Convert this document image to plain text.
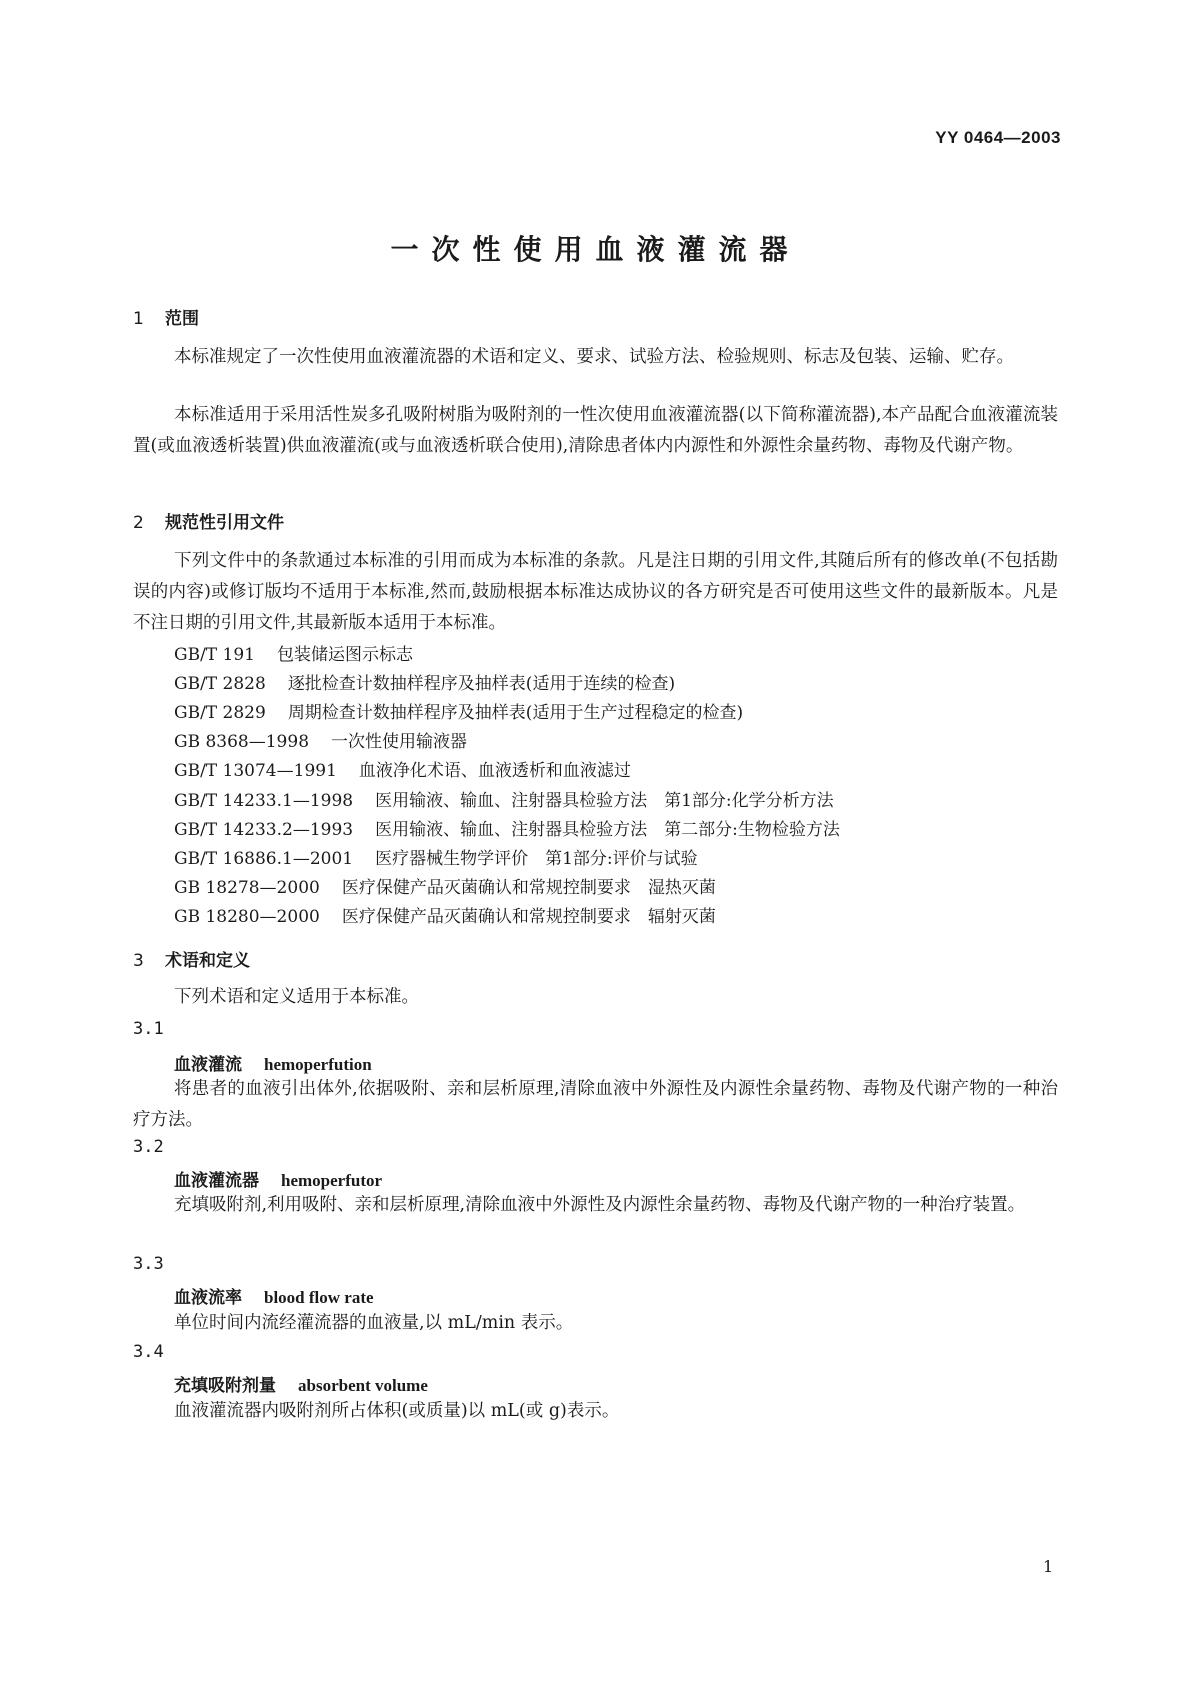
YY 0464—2003
一次性使用血液灌流器
1 范围
本标准规定了一次性使用血液灌流器的术语和定义、要求、试验方法、检验规则、标志及包装、运输、贮存。
本标准适用于采用活性炭多孔吸附树脂为吸附剂的一性次使用血液灌流器(以下简称灌流器),本产品配合血液灌流装置(或血液透析装置)供血液灌流(或与血液透析联合使用),清除患者体内内源性和外源性余量药物、毒物及代谢产物。
2 规范性引用文件
下列文件中的条款通过本标准的引用而成为本标准的条款。凡是注日期的引用文件,其随后所有的修改单(不包括勘误的内容)或修订版均不适用于本标准,然而,鼓励根据本标准达成协议的各方研究是否可使用这些文件的最新版本。凡是不注日期的引用文件,其最新版本适用于本标准。
GB/T 191 包装储运图示标志
GB/T 2828 逐批检查计数抽样程序及抽样表(适用于连续的检查)
GB/T 2829 周期检查计数抽样程序及抽样表(适用于生产过程稳定的检查)
GB 8368—1998 一次性使用输液器
GB/T 13074—1991 血液净化术语、血液透析和血液滤过
GB/T 14233.1—1998 医用输液、输血、注射器具检验方法　第1部分:化学分析方法
GB/T 14233.2—1993 医用输液、输血、注射器具检验方法　第二部分:生物检验方法
GB/T 16886.1—2001 医疗器械生物学评价　第1部分:评价与试验
GB 18278—2000 医疗保健产品灭菌确认和常规控制要求　湿热灭菌
GB 18280—2000 医疗保健产品灭菌确认和常规控制要求　辐射灭菌
3 术语和定义
下列术语和定义适用于本标准。
3.1
血液灌流 hemoperfution
将患者的血液引出体外,依据吸附、亲和层析原理,清除血液中外源性及内源性余量药物、毒物及代谢产物的一种治疗方法。
3.2
血液灌流器 hemoperfutor
充填吸附剂,利用吸附、亲和层析原理,清除血液中外源性及内源性余量药物、毒物及代谢产物的一种治疗装置。
3.3
血液流率 blood flow rate
单位时间内流经灌流器的血液量,以 mL/min 表示。
3.4
充填吸附剂量 absorbent volume
血液灌流器内吸附剂所占体积(或质量)以 mL(或 g)表示。
1
